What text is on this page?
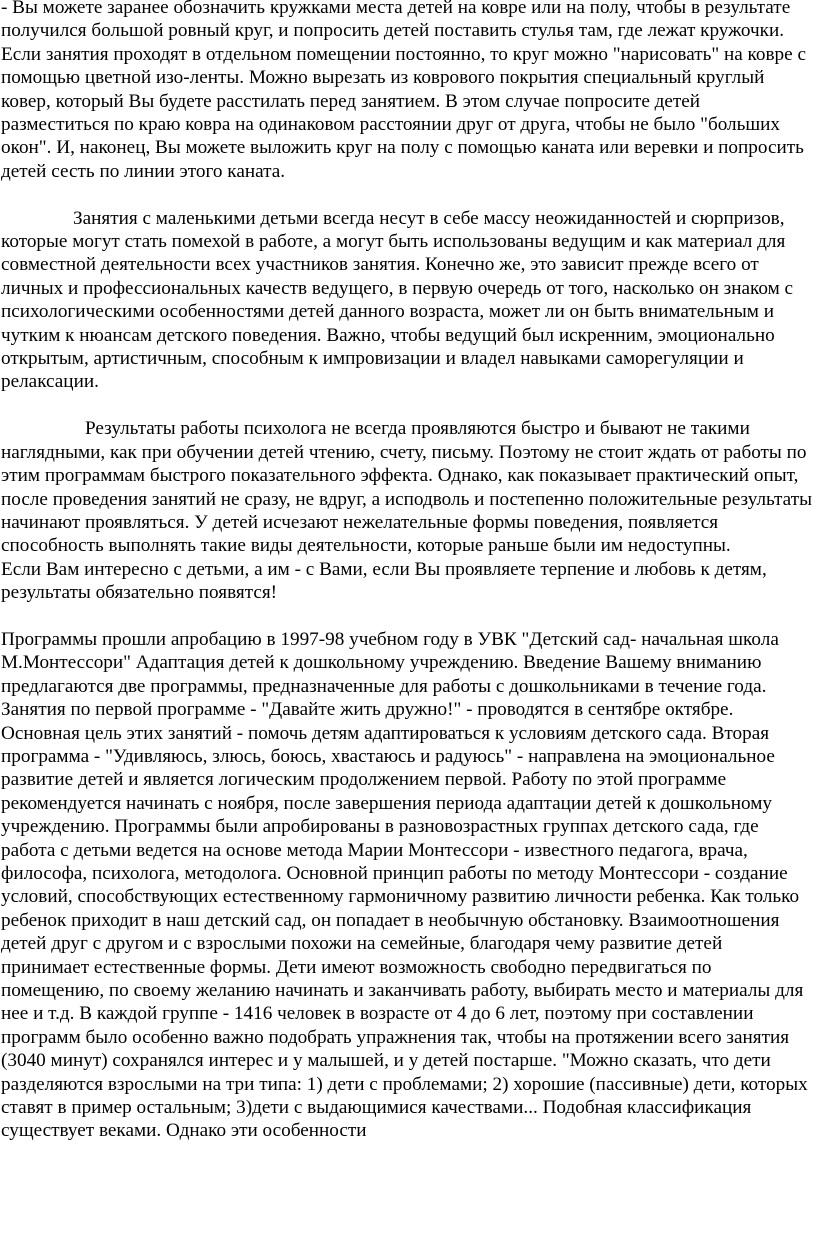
- Вы можете заранее обозначить кружками места детей на ковре или на полу, чтобы в результате получился большой ровный круг, и попросить детей поставить стулья там, где лежат кружочки. Если занятия проходят в отдельном помещении постоянно, то круг можно "нарисовать" на ковре с помощью цветной изо-ленты. Можно вырезать из коврового покрытия специальный круглый ковер, который Вы будете расстилать перед занятием. В этом случае попросите детей разместиться по краю ковра на одинаковом расстоянии друг от друга, чтобы не было "больших окон". И, наконец, Вы можете выложить круг на полу с помощью каната или веревки и попросить детей сесть по линии этого каната.

Занятия с маленькими детьми всегда несут в себе массу неожиданностей и сюрпризов, которые могут стать помехой в работе, а могут быть использованы ведущим и как материал для совместной деятельности всех участников занятия. Конечно же, это зависит прежде всего от личных и профессиональных качеств ведущего, в первую очередь от того, насколько он знаком с психологическими особенностями детей данного возраста, может ли он быть внимательным и чутким к нюансам детского поведения. Важно, чтобы ведущий был искренним, эмоционально открытым, артистичным, способным к импровизации и владел навыками саморегуляции и релаксации.

Результаты работы психолога не всегда проявляются быстро и бывают не такими наглядными, как при обучении детей чтению, счету, письму. Поэтому не стоит ждать от работы по этим программам быстрого показательного эффекта. Однако, как показывает практический опыт, после проведения занятий не сразу, не вдруг, а исподволь и постепенно положительные результаты начинают проявляться. У детей исчезают нежелательные формы поведения, появляется способность выполнять такие виды деятельности, которые раньше были им недоступны.

Если Вам интересно с детьми, а им - с Вами, если Вы проявляете терпение и любовь к детям, результаты обязательно появятся!

Программы прошли апробацию в 1997-98 учебном году в УВК "Детский сад- начальная школа М.Монтессори" Адаптация детей к дошкольному учреждению. Введение Вашему вниманию предлагаются две программы, предназначенные для работы с дошкольниками в течение года. Занятия по первой программе - "Давайте жить дружно!" - проводятся в сентябре октябре. Основная цель этих занятий - помочь детям адаптироваться к условиям детского сада. Вторая программа - "Удивляюсь, злюсь, боюсь, хвастаюсь и радуюсь" - направлена на эмоциональное развитие детей и является логическим продолжением первой. Работу по этой программе рекомендуется начинать с ноября, после завершения периода адаптации детей к дошкольному учреждению. Программы были апробированы в разновозрастных группах детского сада, где работа с детьми ведется на основе метода Марии Монтессори - известного педагога, врача, философа, психолога, методолога. Основной принцип работы по методу Монтессори - создание условий, способствующих естественному гармоничному развитию личности ребенка. Как только ребенок приходит в наш детский сад, он попадает в необычную обстановку. Взаимоотношения детей друг с другом и с взрослыми похожи на семейные, благодаря чему развитие детей принимает естественные формы. Дети имеют возможность свободно передвигаться по помещению, по своему желанию начинать и заканчивать работу, выбирать место и материалы для нее и т.д. В каждой группе - 1416 человек в возрасте от 4 до 6 лет, поэтому при составлении программ было особенно важно подобрать упражнения так, чтобы на протяжении всего занятия (3040 минут) сохранялся интерес и у малышей, и у детей постарше. "Можно сказать, что дети разделяются взрослыми на три типа: 1) дети с проблемами; 2) хорошие (пассивные) дети, которых ставят в пример остальным; 3)дети с выдающимися качествами... Подобная классификация существует веками. Однако эти особенности
